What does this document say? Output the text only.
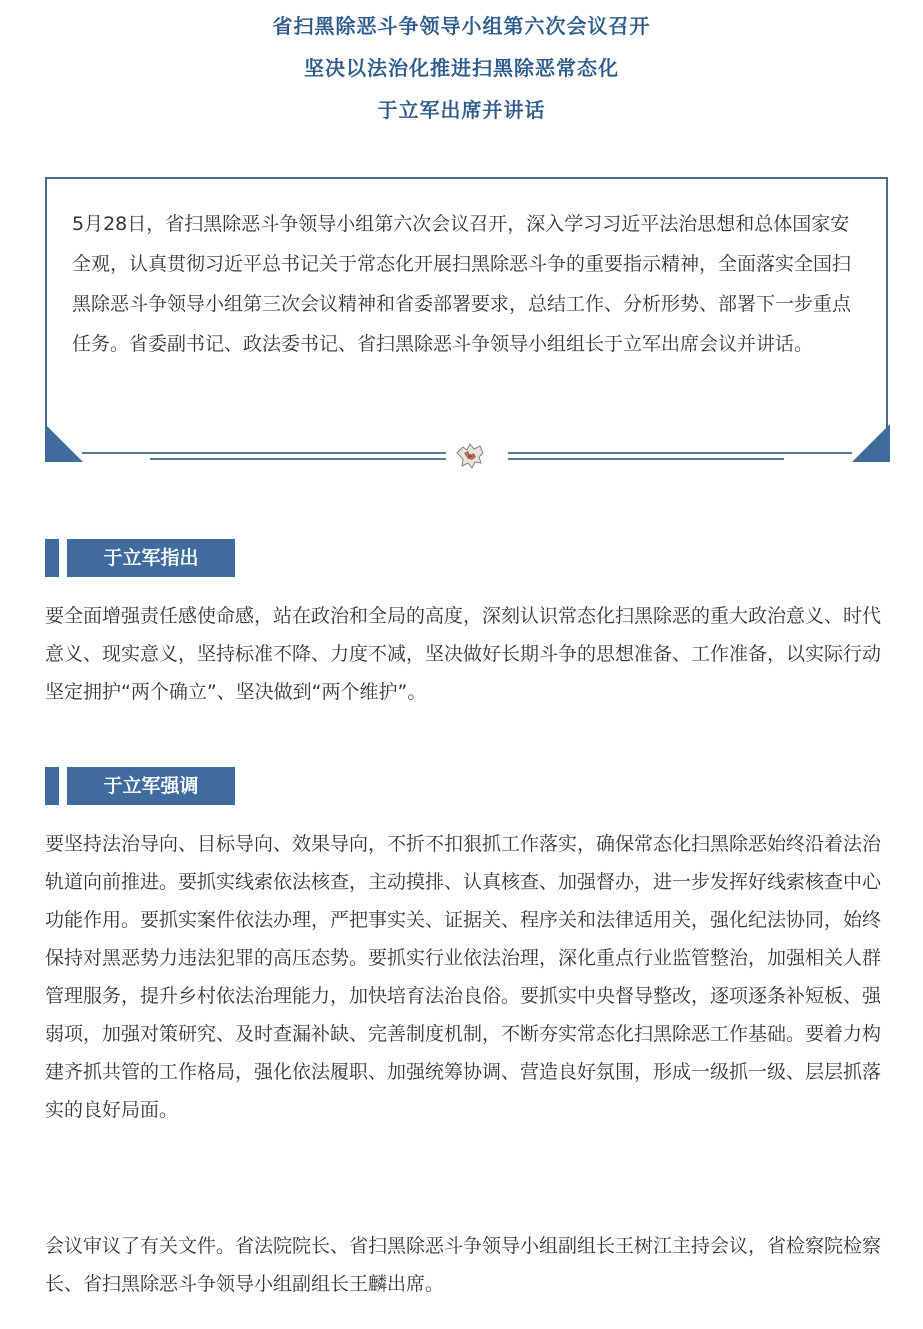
省扫黑除恶斗争领导小组第六次会议召开
坚决以法治化推进扫黑除恶常态化
于立军出席并讲话
5月28日，省扫黑除恶斗争领导小组第六次会议召开，深入学习习近平法治思想和总体国家安全观，认真贯彻习近平总书记关于常态化开展扫黑除恶斗争的重要指示精神，全面落实全国扫黑除恶斗争领导小组第三次会议精神和省委部署要求，总结工作、分析形势、部署下一步重点任务。省委副书记、政法委书记、省扫黑除恶斗争领导小组组长于立军出席会议并讲话。
于立军指出
要全面增强责任感使命感，站在政治和全局的高度，深刻认识常态化扫黑除恶的重大政治意义、时代意义、现实意义，坚持标准不降、力度不减，坚决做好长期斗争的思想准备、工作准备，以实际行动坚定拥护“两个确立”、坚决做到“两个维护”。
于立军强调
要坚持法治导向、目标导向、效果导向，不折不扣狠抓工作落实，确保常态化扫黑除恶始终沿着法治轨道向前推进。要抓实线索依法核查，主动摸排、认真核查、加强督办，进一步发挥好线索核查中心功能作用。要抓实案件依法办理，严把事实关、证据关、程序关和法律适用关，强化纪法协同，始终保持对黑恶势力违法犯罪的高压态势。要抓实行业依法治理，深化重点行业监管整治，加强相关人群管理服务，提升乡村依法治理能力，加快培育法治良俗。要抓实中央督导整改，逐项逐条补短板、强弱项，加强对策研究、及时查漏补缺、完善制度机制，不断夯实常态化扫黑除恶工作基础。要着力构建齐抓共管的工作格局，强化依法履职、加强统筹协调、营造良好氛围，形成一级抓一级、层层抓落实的良好局面。
会议审议了有关文件。省法院院长、省扫黑除恶斗争领导小组副组长王树江主持会议，省检察院检察长、省扫黑除恶斗争领导小组副组长王麟出席。
